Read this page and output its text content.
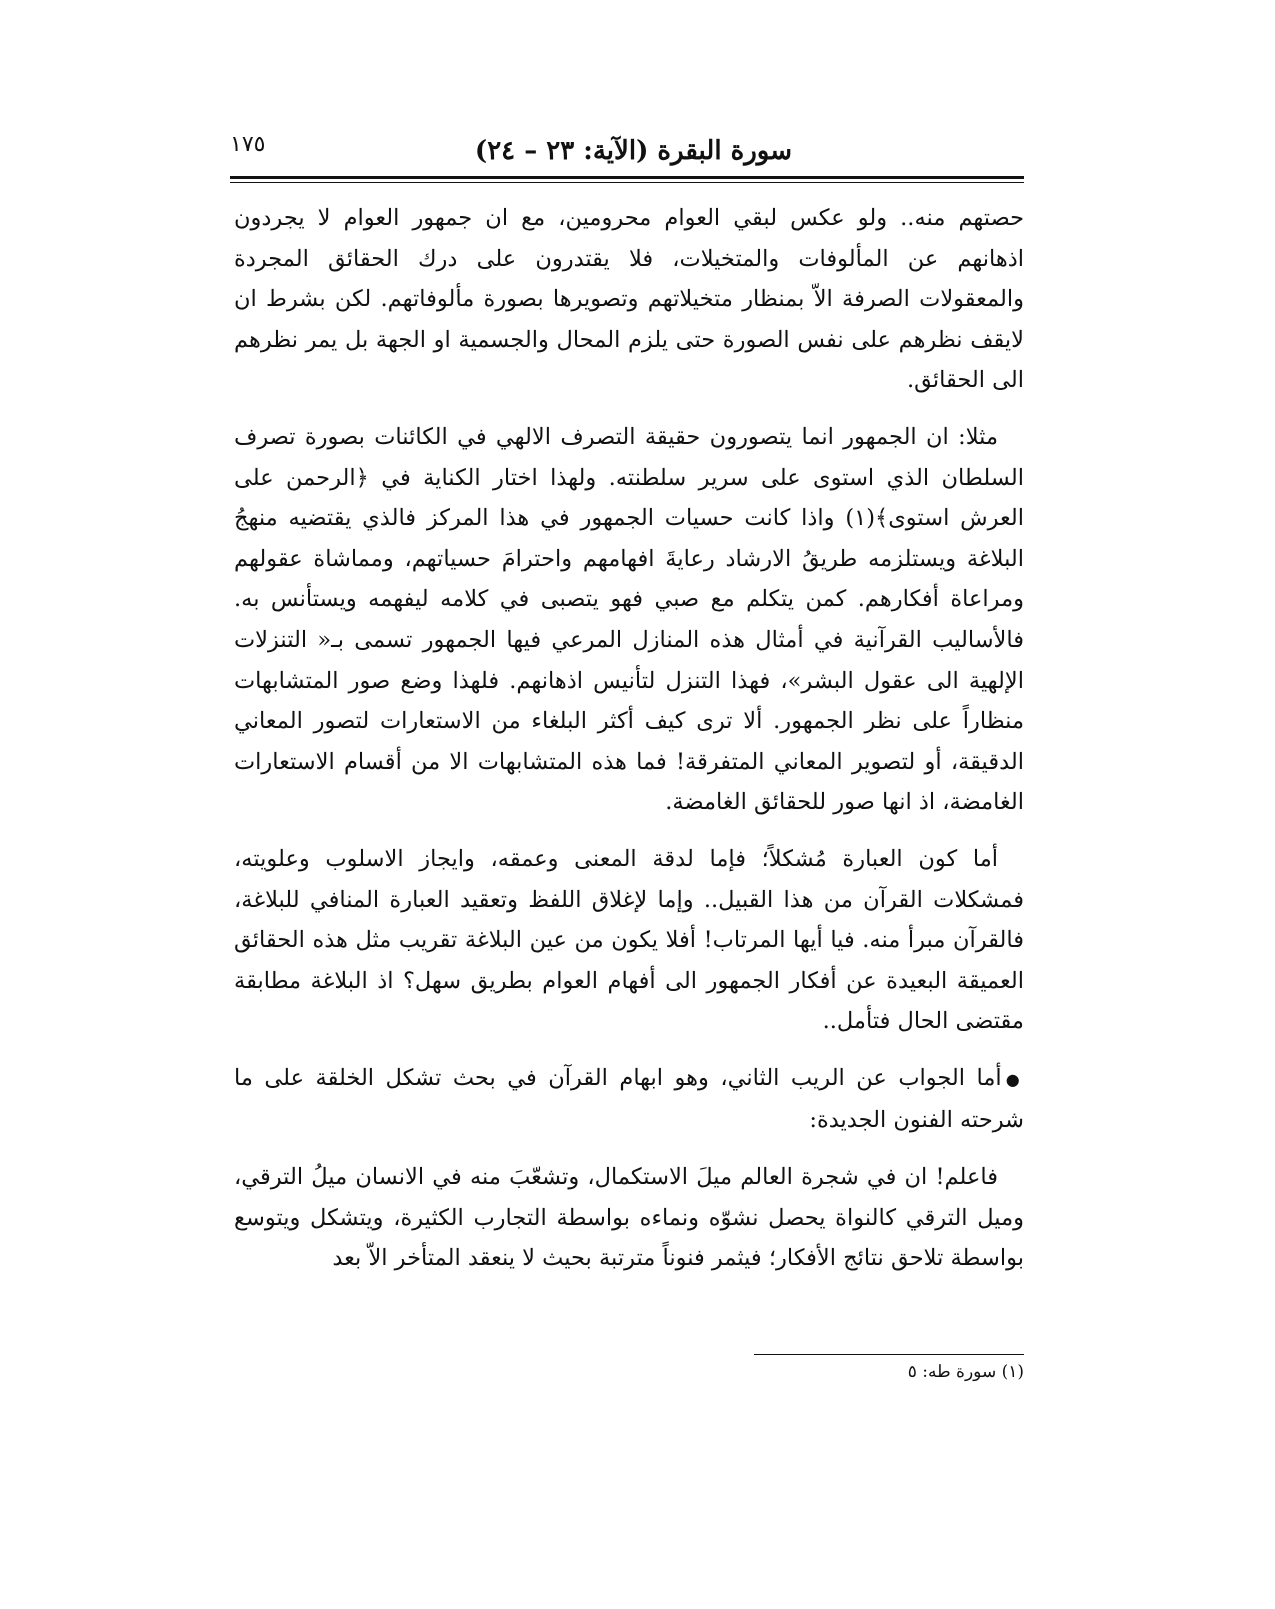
١٧٥	سورة البقرة (الآية: ٢٣ – ٢٤)

حصتهم منه.. ولو عكس لبقي العوام محرومين، مع ان جمهور العوام لا يجردون اذهانهم عن المألوفات والمتخيلات، فلا يقتدرون على درك الحقائق المجردة والمعقولات الصرفة الاّ بمنظار متخيلاتهم وتصويرها بصورة مألوفاتهم. لكن بشرط ان لايقف نظرهم على نفس الصورة حتى يلزم المحال والجسمية او الجهة بل يمر نظرهم الى الحقائق.

مثلا: ان الجمهور انما يتصورون حقيقة التصرف الالهي في الكائنات بصورة تصرف السلطان الذي استوى على سرير سلطنته. ولهذا اختار الكناية في ﴿الرحمن على العرش استوى﴾(١) واذا كانت حسيات الجمهور في هذا المركز فالذي يقتضيه منهجُ البلاغة ويستلزمه طريقُ الارشاد رعايةَ افهامهم واحترامَ حسياتهم، ومماشاة عقولهم ومراعاة أفكارهم. كمن يتكلم مع صبي فهو يتصبى في كلامه ليفهمه ويستأنس به. فالأساليب القرآنية في أمثال هذه المنازل المرعي فيها الجمهور تسمى بـ« التنزلات الإلهية الى عقول البشر»، فهذا التنزل لتأنيس اذهانهم. فلهذا وضع صور المتشابهات منظاراً على نظر الجمهور. ألا ترى كيف أكثر البلغاء من الاستعارات لتصور المعاني الدقيقة، أو لتصوير المعاني المتفرقة! فما هذه المتشابهات الا من أقسام الاستعارات الغامضة، اذ انها صور للحقائق الغامضة.

أما كون العبارة مُشكلاً؛ فإما لدقة المعنى وعمقه، وايجاز الاسلوب وعلويته، فمشكلات القرآن من هذا القبيل.. وإما لإغلاق اللفظ وتعقيد العبارة المنافي للبلاغة، فالقرآن مبرأ منه. فيا أيها المرتاب! أفلا يكون من عين البلاغة تقريب مثل هذه الحقائق العميقة البعيدة عن أفكار الجمهور الى أفهام العوام بطريق سهل؟ اذ البلاغة مطابقة مقتضى الحال فتأمل..

●أما الجواب عن الريب الثاني، وهو ابهام القرآن في بحث تشكل الخلقة على ما شرحته الفنون الجديدة:

فاعلم! ان في شجرة العالم ميلَ الاستكمال، وتشعّبَ منه في الانسان ميلُ الترقي، وميل الترقي كالنواة يحصل نشوّه ونماءه بواسطة التجارب الكثيرة، ويتشكل ويتوسع بواسطة تلاحق نتائج الأفكار؛ فيثمر فنوناً مترتبة بحيث لا ينعقد المتأخر الاّ بعد

(١) سورة طه: ٥
